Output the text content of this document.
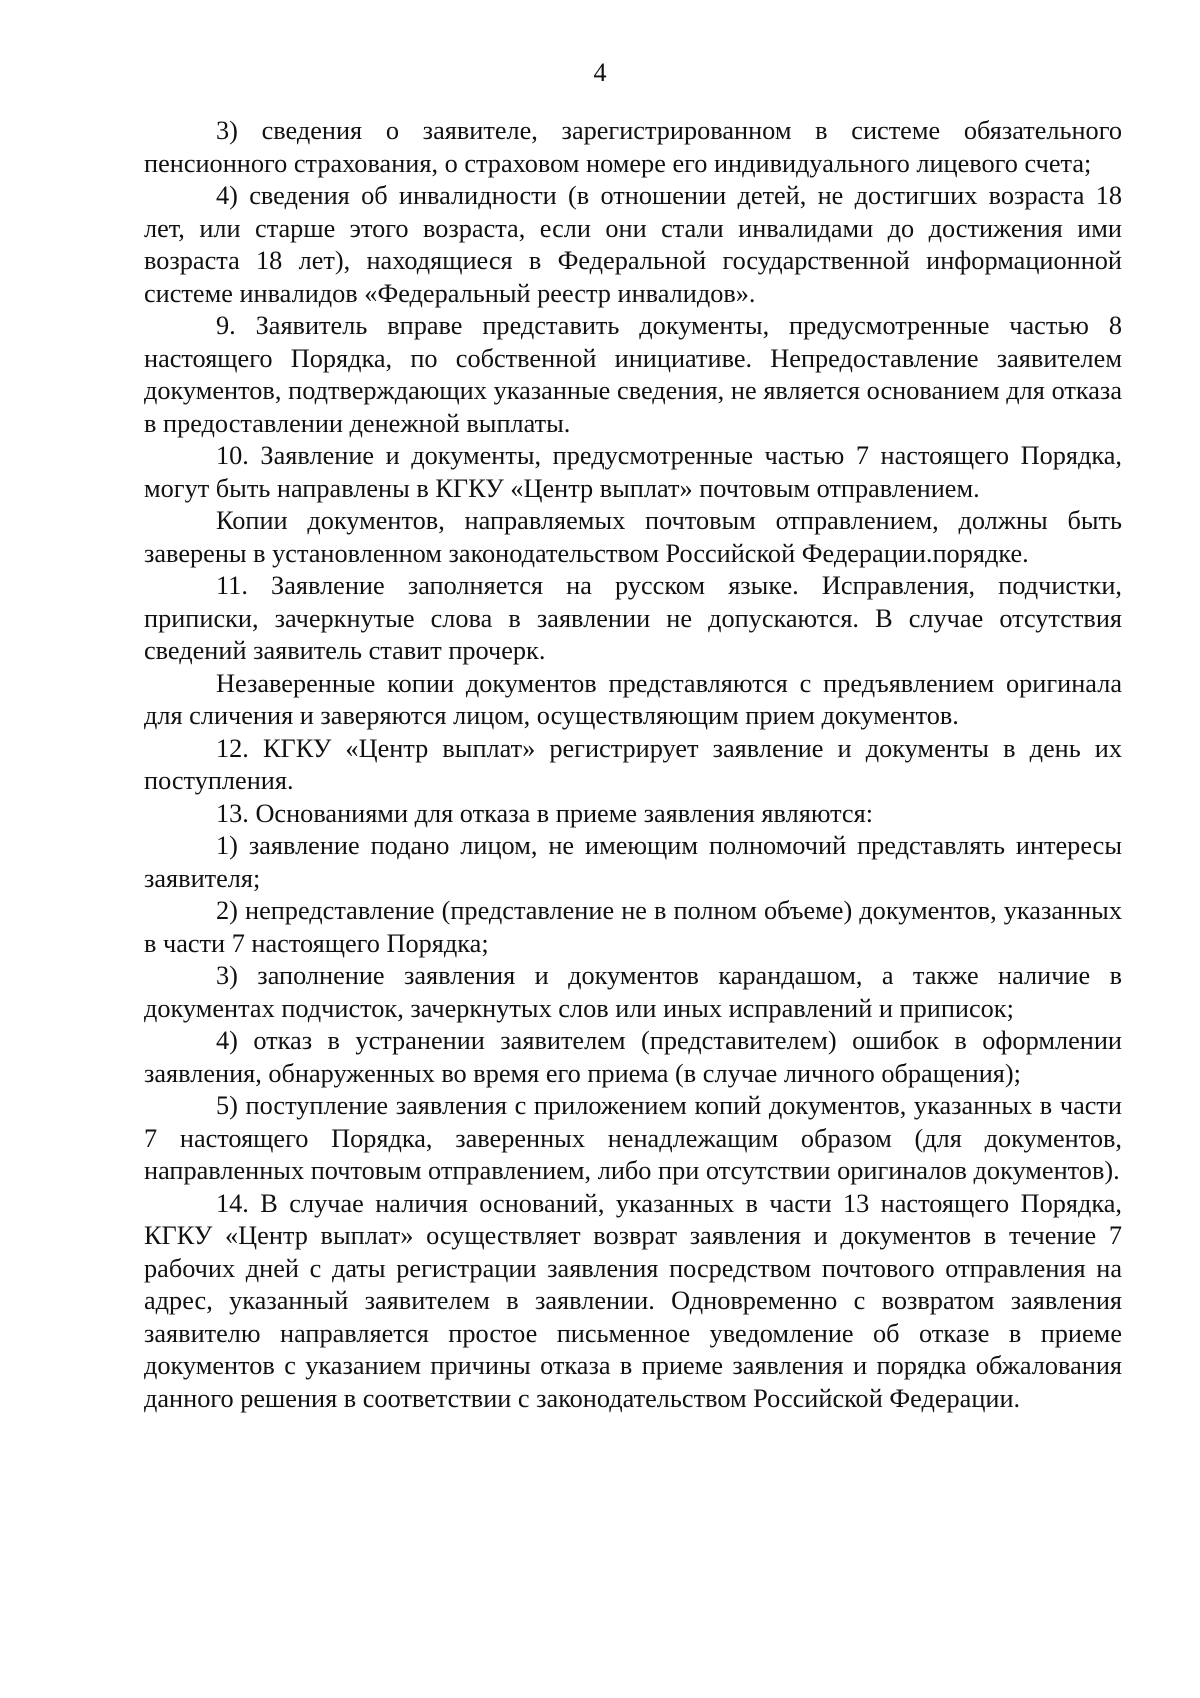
4

3) сведения о заявителе, зарегистрированном в системе обязательного пенсионного страхования, о страховом номере его индивидуального лицевого счета;

4) сведения об инвалидности (в отношении детей, не достигших возраста 18 лет, или старше этого возраста, если они стали инвалидами до достижения ими возраста 18 лет), находящиеся в Федеральной государственной информационной системе инвалидов «Федеральный реестр инвалидов».

9. Заявитель вправе представить документы, предусмотренные частью 8 настоящего Порядка, по собственной инициативе. Непредоставление заявителем документов, подтверждающих указанные сведения, не является основанием для отказа в предоставлении денежной выплаты.

10. Заявление и документы, предусмотренные частью 7 настоящего Порядка, могут быть направлены в КГКУ «Центр выплат» почтовым отправлением.

Копии документов, направляемых почтовым отправлением, должны быть заверены в установленном законодательством Российской Федерации.порядке.

11. Заявление заполняется на русском языке. Исправления, подчистки, приписки, зачеркнутые слова в заявлении не допускаются. В случае отсутствия сведений заявитель ставит прочерк.

Незаверенные копии документов представляются с предъявлением оригинала для сличения и заверяются лицом, осуществляющим прием документов.

12. КГКУ «Центр выплат» регистрирует заявление и документы в день их поступления.

13. Основаниями для отказа в приеме заявления являются:

1) заявление подано лицом, не имеющим полномочий представлять интересы заявителя;

2) непредставление (представление не в полном объеме) документов, указанных в части 7 настоящего Порядка;

3) заполнение заявления и документов карандашом, а также наличие в документах подчисток, зачеркнутых слов или иных исправлений и приписок;

4) отказ в устранении заявителем (представителем) ошибок в оформлении заявления, обнаруженных во время его приема (в случае личного обращения);

5) поступление заявления с приложением копий документов, указанных в части 7 настоящего Порядка, заверенных ненадлежащим образом (для документов, направленных почтовым отправлением, либо при отсутствии оригиналов документов).

14. В случае наличия оснований, указанных в части 13 настоящего Порядка, КГКУ «Центр выплат» осуществляет возврат заявления и документов в течение 7 рабочих дней с даты регистрации заявления посредством почтового отправления на адрес, указанный заявителем в заявлении. Одновременно с возвратом заявления заявителю направляется простое письменное уведомление об отказе в приеме документов с указанием причины отказа в приеме заявления и порядка обжалования данного решения в соответствии с законодательством Российской Федерации.
